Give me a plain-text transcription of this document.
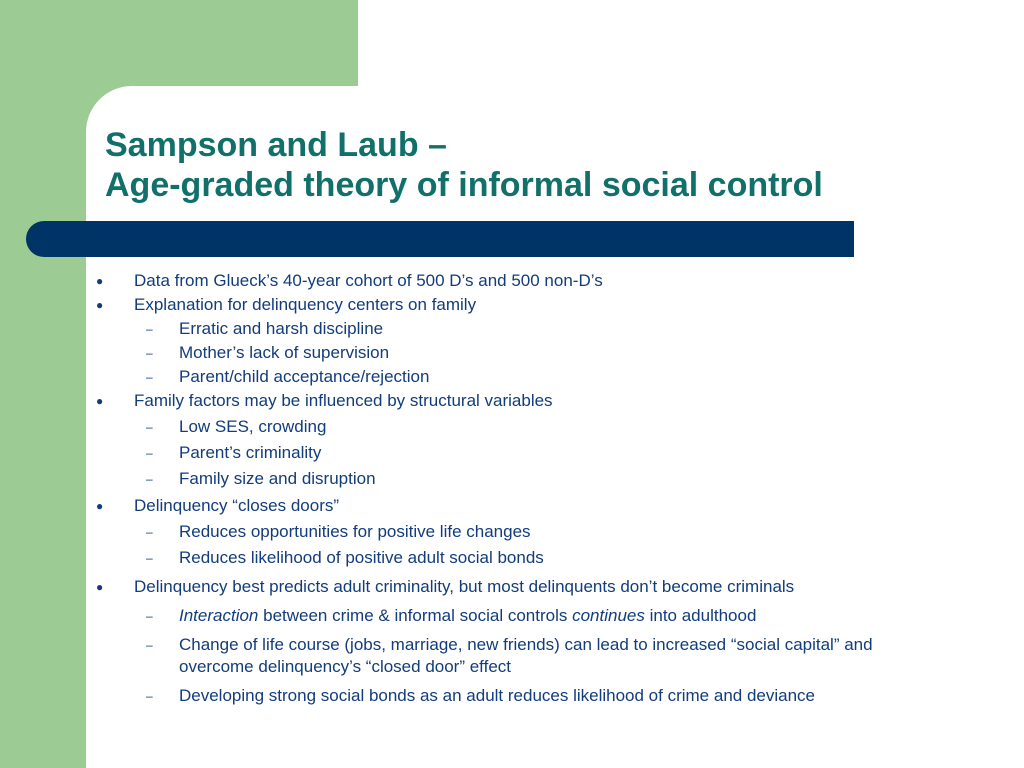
Sampson and Laub –
Age-graded theory of informal social control
●	Data from Glueck’s 40-year cohort of 500 D’s and 500 non-D’s
●	Explanation for delinquency centers on family
– Erratic and harsh discipline
– Mother’s lack of supervision
– Parent/child acceptance/rejection
●	Family factors may be influenced by structural variables
– Low SES, crowding
– Parent’s criminality
– Family size and disruption
●	Delinquency “closes doors”
– Reduces opportunities for positive life changes
– Reduces likelihood of positive adult social bonds
●	Delinquency best predicts adult criminality, but most delinquents don’t become criminals
– Interaction between crime & informal social controls continues into adulthood
– Change of life course (jobs, marriage, new friends) can lead to increased “social capital” and overcome delinquency’s “closed door” effect
– Developing strong social bonds as an adult reduces likelihood of crime and deviance
